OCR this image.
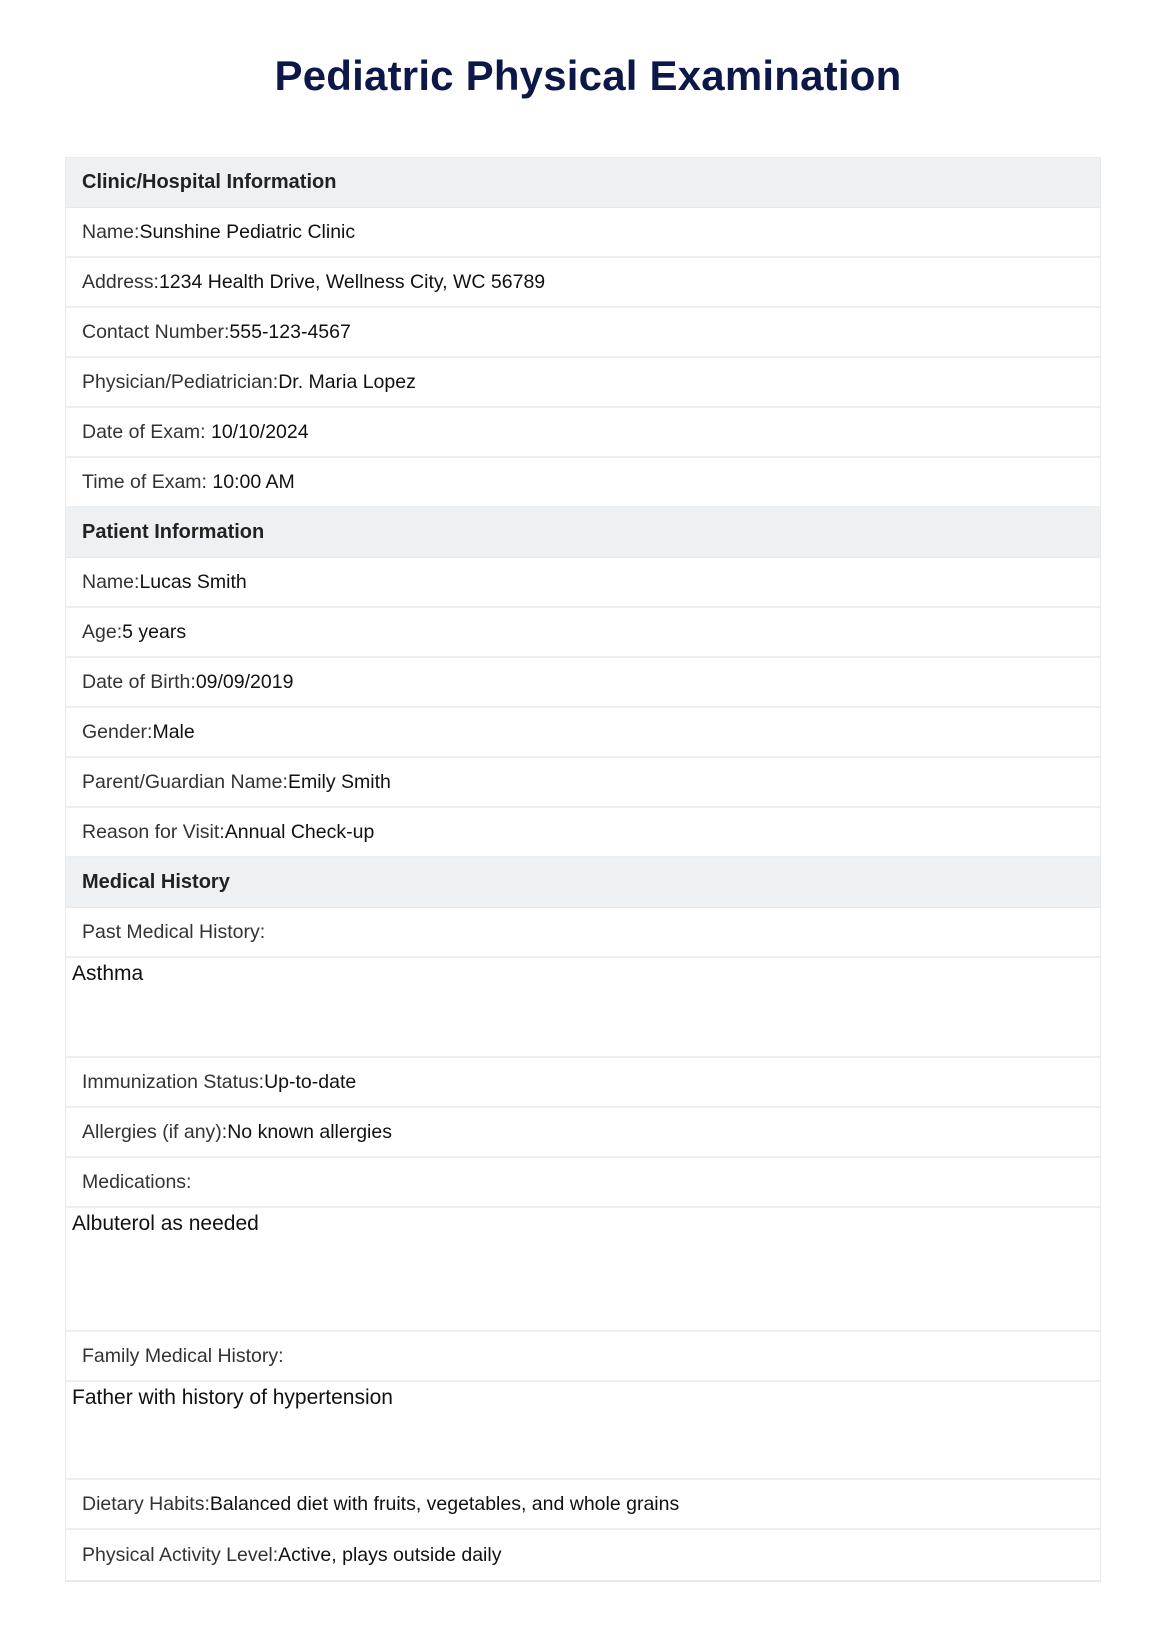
Pediatric Physical Examination
Clinic/Hospital Information
Name: Sunshine Pediatric Clinic
Address: 1234 Health Drive, Wellness City, WC 56789
Contact Number: 555-123-4567
Physician/Pediatrician: Dr. Maria Lopez
Date of Exam: 10/10/2024
Time of Exam: 10:00 AM
Patient Information
Name: Lucas Smith
Age: 5 years
Date of Birth: 09/09/2019
Gender: Male
Parent/Guardian Name: Emily Smith
Reason for Visit: Annual Check-up
Medical History
Past Medical History:
Asthma
Immunization Status: Up-to-date
Allergies (if any): No known allergies
Medications:
Albuterol as needed
Family Medical History:
Father with history of hypertension
Dietary Habits: Balanced diet with fruits, vegetables, and whole grains
Physical Activity Level: Active, plays outside daily
